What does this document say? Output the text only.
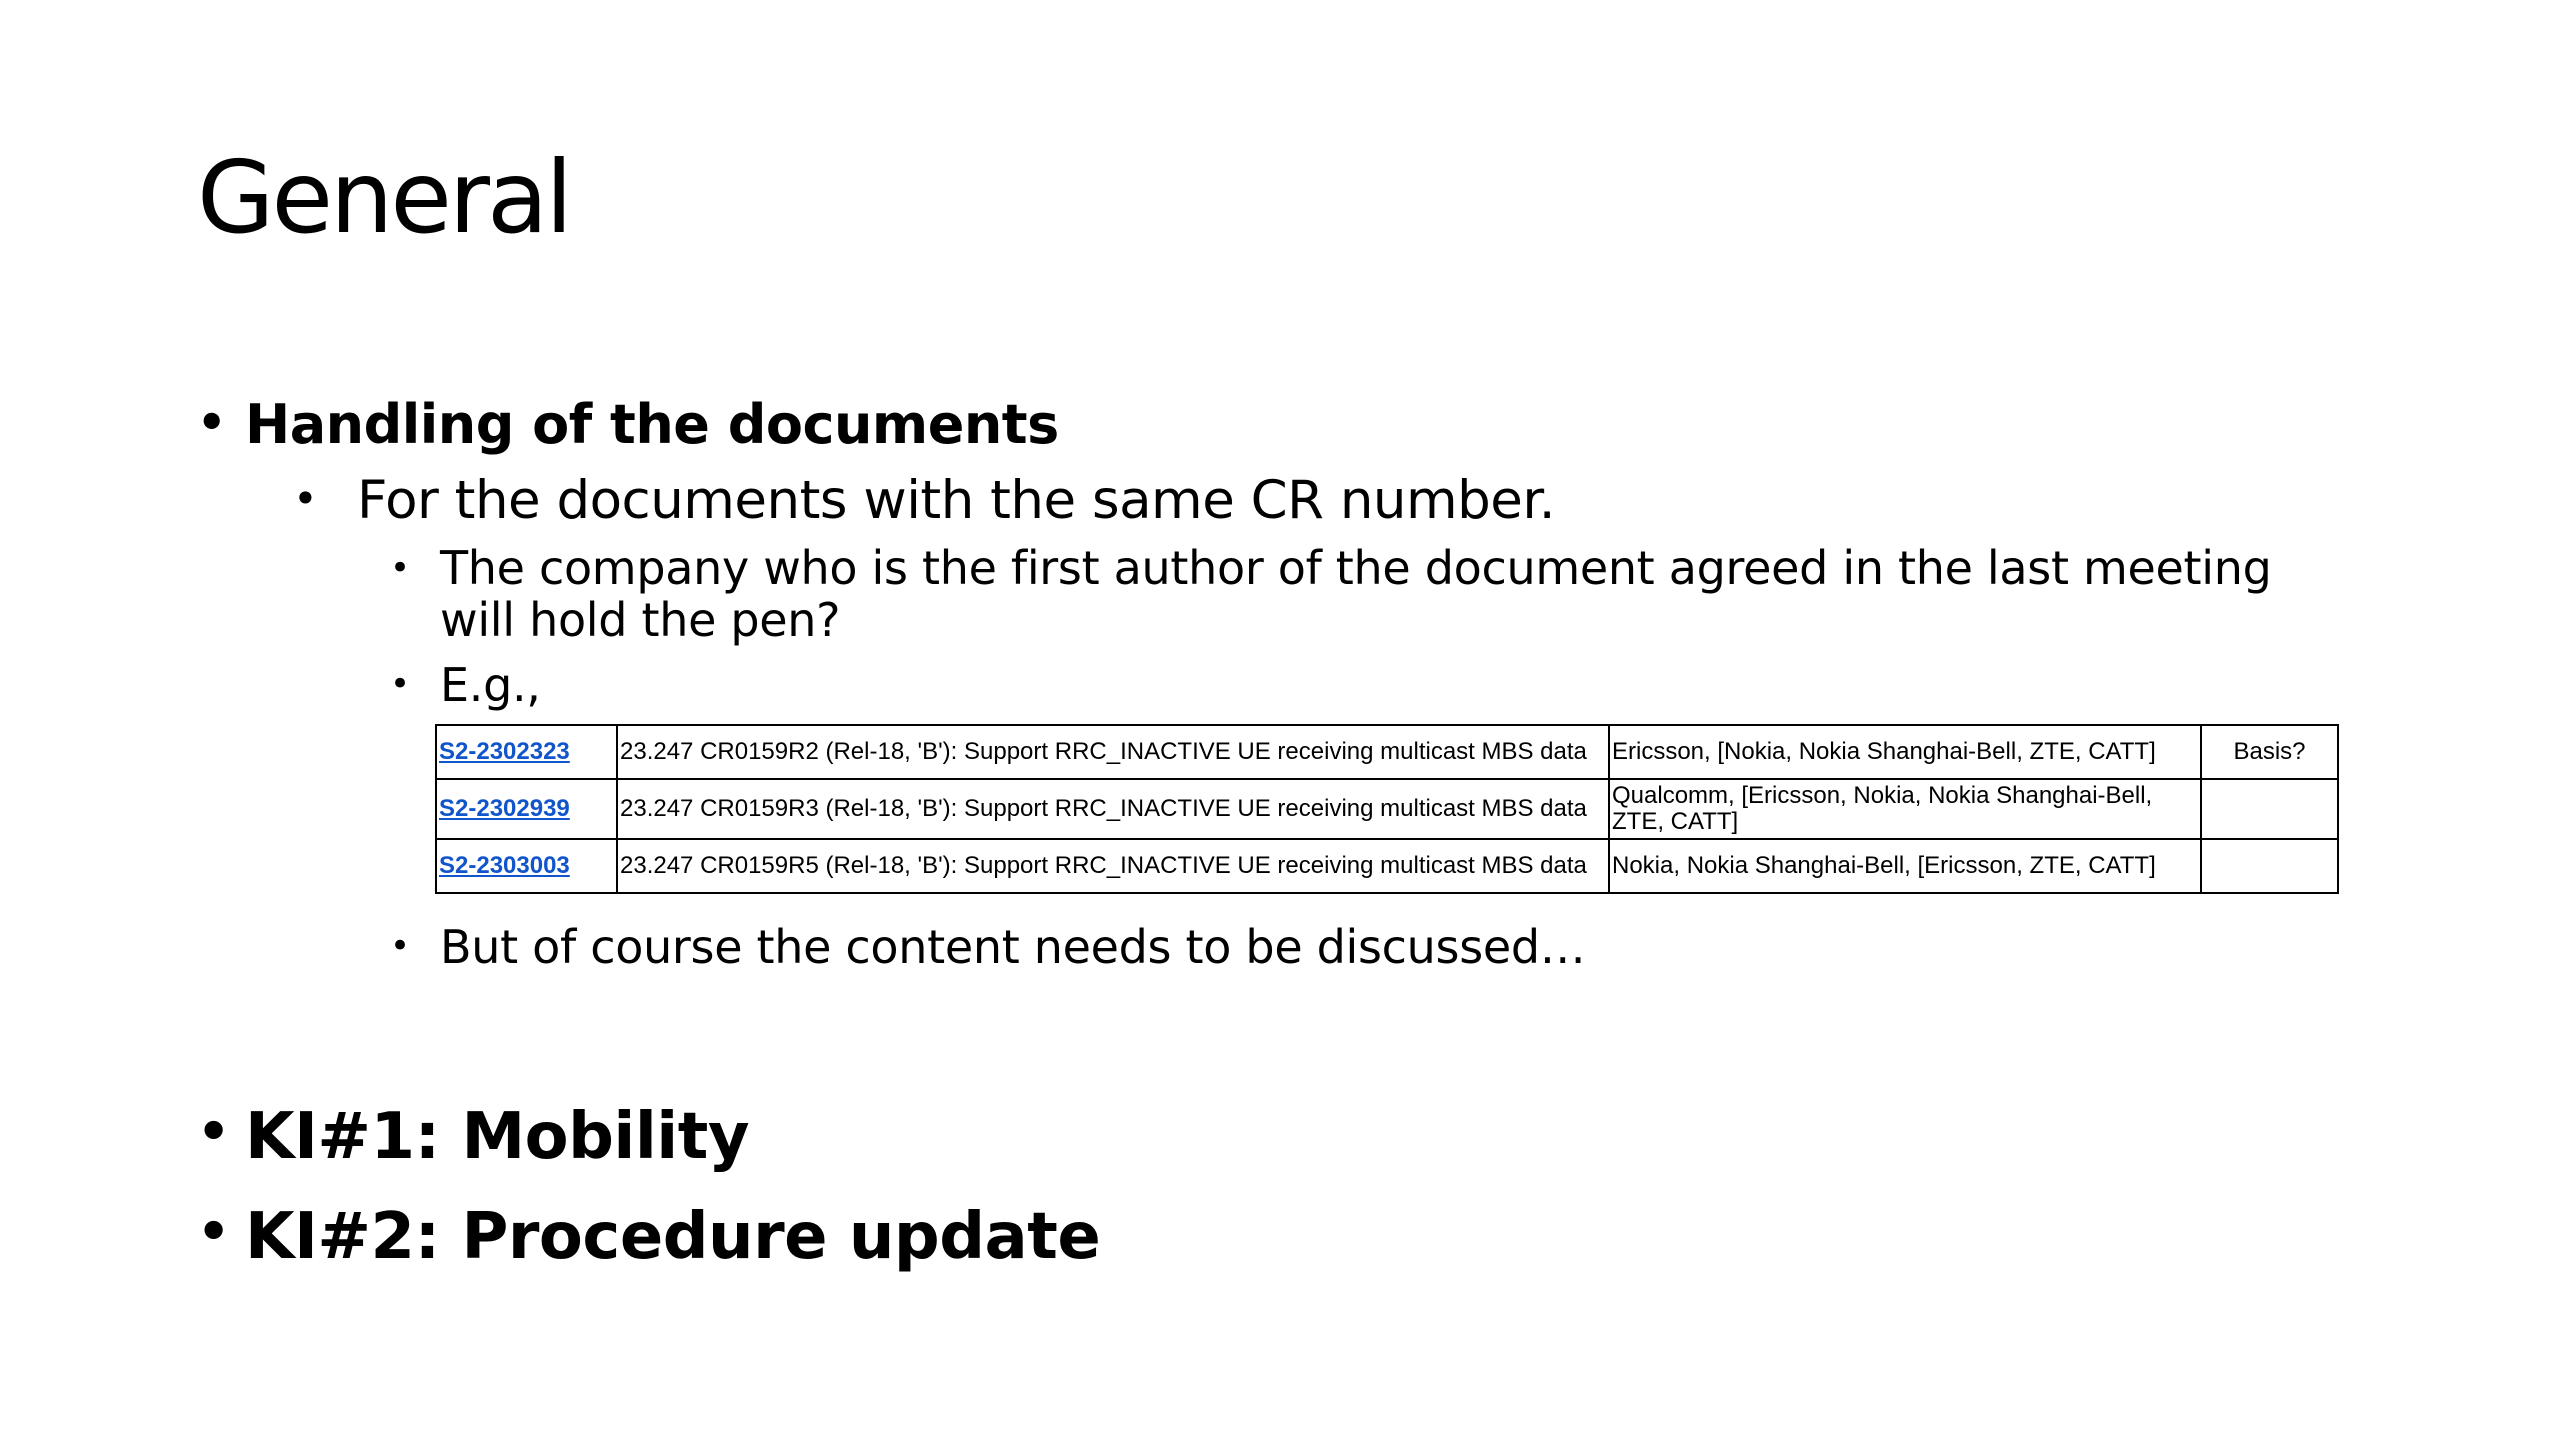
General
• Handling of the documents
• For the documents with the same CR number.
• The company who is the first author of the document agreed in the last meeting will hold the pen?
• E.g.,
S2-2302323	23.247 CR0159R2 (Rel-18, 'B'): Support RRC_INACTIVE UE receiving multicast MBS data	Ericsson, [Nokia, Nokia Shanghai-Bell, ZTE, CATT]	Basis?
S2-2302939	23.247 CR0159R3 (Rel-18, 'B'): Support RRC_INACTIVE UE receiving multicast MBS data	Qualcomm, [Ericsson, Nokia, Nokia Shanghai-Bell, ZTE, CATT]	
S2-2303003	23.247 CR0159R5 (Rel-18, 'B'): Support RRC_INACTIVE UE receiving multicast MBS data	Nokia, Nokia Shanghai-Bell, [Ericsson, ZTE, CATT]	
• But of course the content needs to be discussed…
• KI#1: Mobility
• KI#2: Procedure update
